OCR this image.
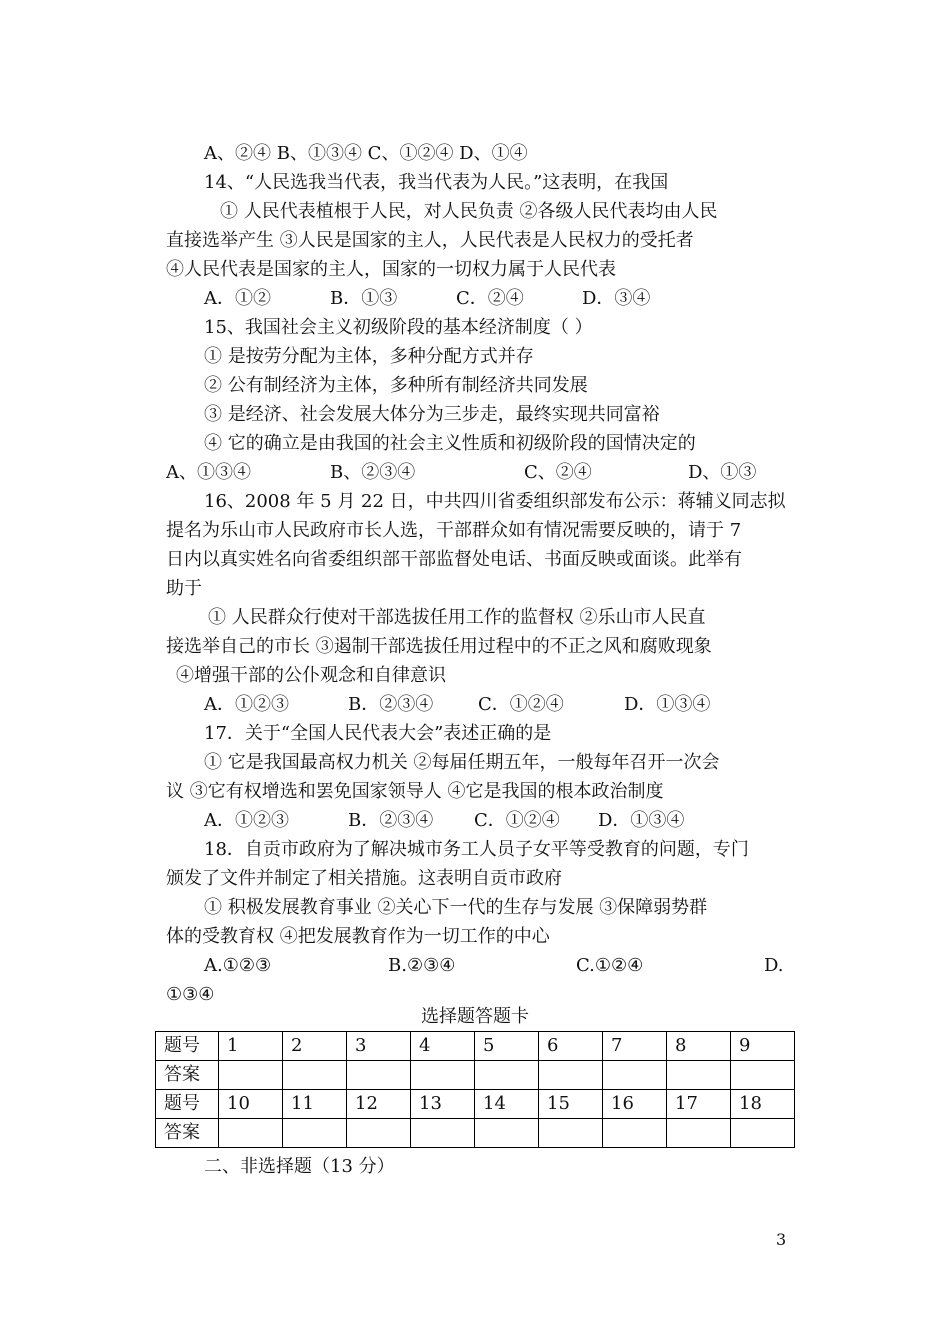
A、②④ B、①③④ C、①②④ D、①④
14、“人民选我当代表，我当代表为人民。”这表明，在我国
① 人民代表植根于人民，对人民负责 ②各级人民代表均由人民
直接选举产生 ③人民是国家的主人，人民代表是人民权力的受托者
④人民代表是国家的主人，国家的一切权力属于人民代表
A．①②	B．①③	C．②④	D．③④
15、我国社会主义初级阶段的基本经济制度（ ）
① 是按劳分配为主体，多种分配方式并存
② 公有制经济为主体，多种所有制经济共同发展
③ 是经济、社会发展大体分为三步走，最终实现共同富裕
④ 它的确立是由我国的社会主义性质和初级阶段的国情决定的
A、①③④	B、②③④	C、②④	D、①③
16、2008 年 5 月 22 日，中共四川省委组织部发布公示：蒋辅义同志拟
提名为乐山市人民政府市长人选，干部群众如有情况需要反映的，请于 7
日内以真实姓名向省委组织部干部监督处电话、书面反映或面谈。此举有
助于
① 人民群众行使对干部选拔任用工作的监督权 ②乐山市人民直
接选举自己的市长 ③遏制干部选拔任用过程中的不正之风和腐败现象
④增强干部的公仆观念和自律意识
A．①②③	B．②③④	C．①②④	D．①③④
17．关于“全国人民代表大会”表述正确的是
① 它是我国最高权力机关 ②每届任期五年，一般每年召开一次会
议 ③它有权增选和罢免国家领导人 ④它是我国的根本政治制度
A．①②③	B．②③④	C．①②④	D．①③④
18．自贡市政府为了解决城市务工人员子女平等受教育的问题，专门
颁发了文件并制定了相关措施。这表明自贡市政府
① 积极发展教育事业 ②关心下一代的生存与发展 ③保障弱势群
体的受教育权 ④把发展教育作为一切工作的中心
A.①②③	B.②③④	C.①②④	D.
①③④
选择题答题卡
题号	1	2	3	4	5	6	7	8	9
答案									
题号	10	11	12	13	14	15	16	17	18
答案									
二、非选择题（13 分）
3
